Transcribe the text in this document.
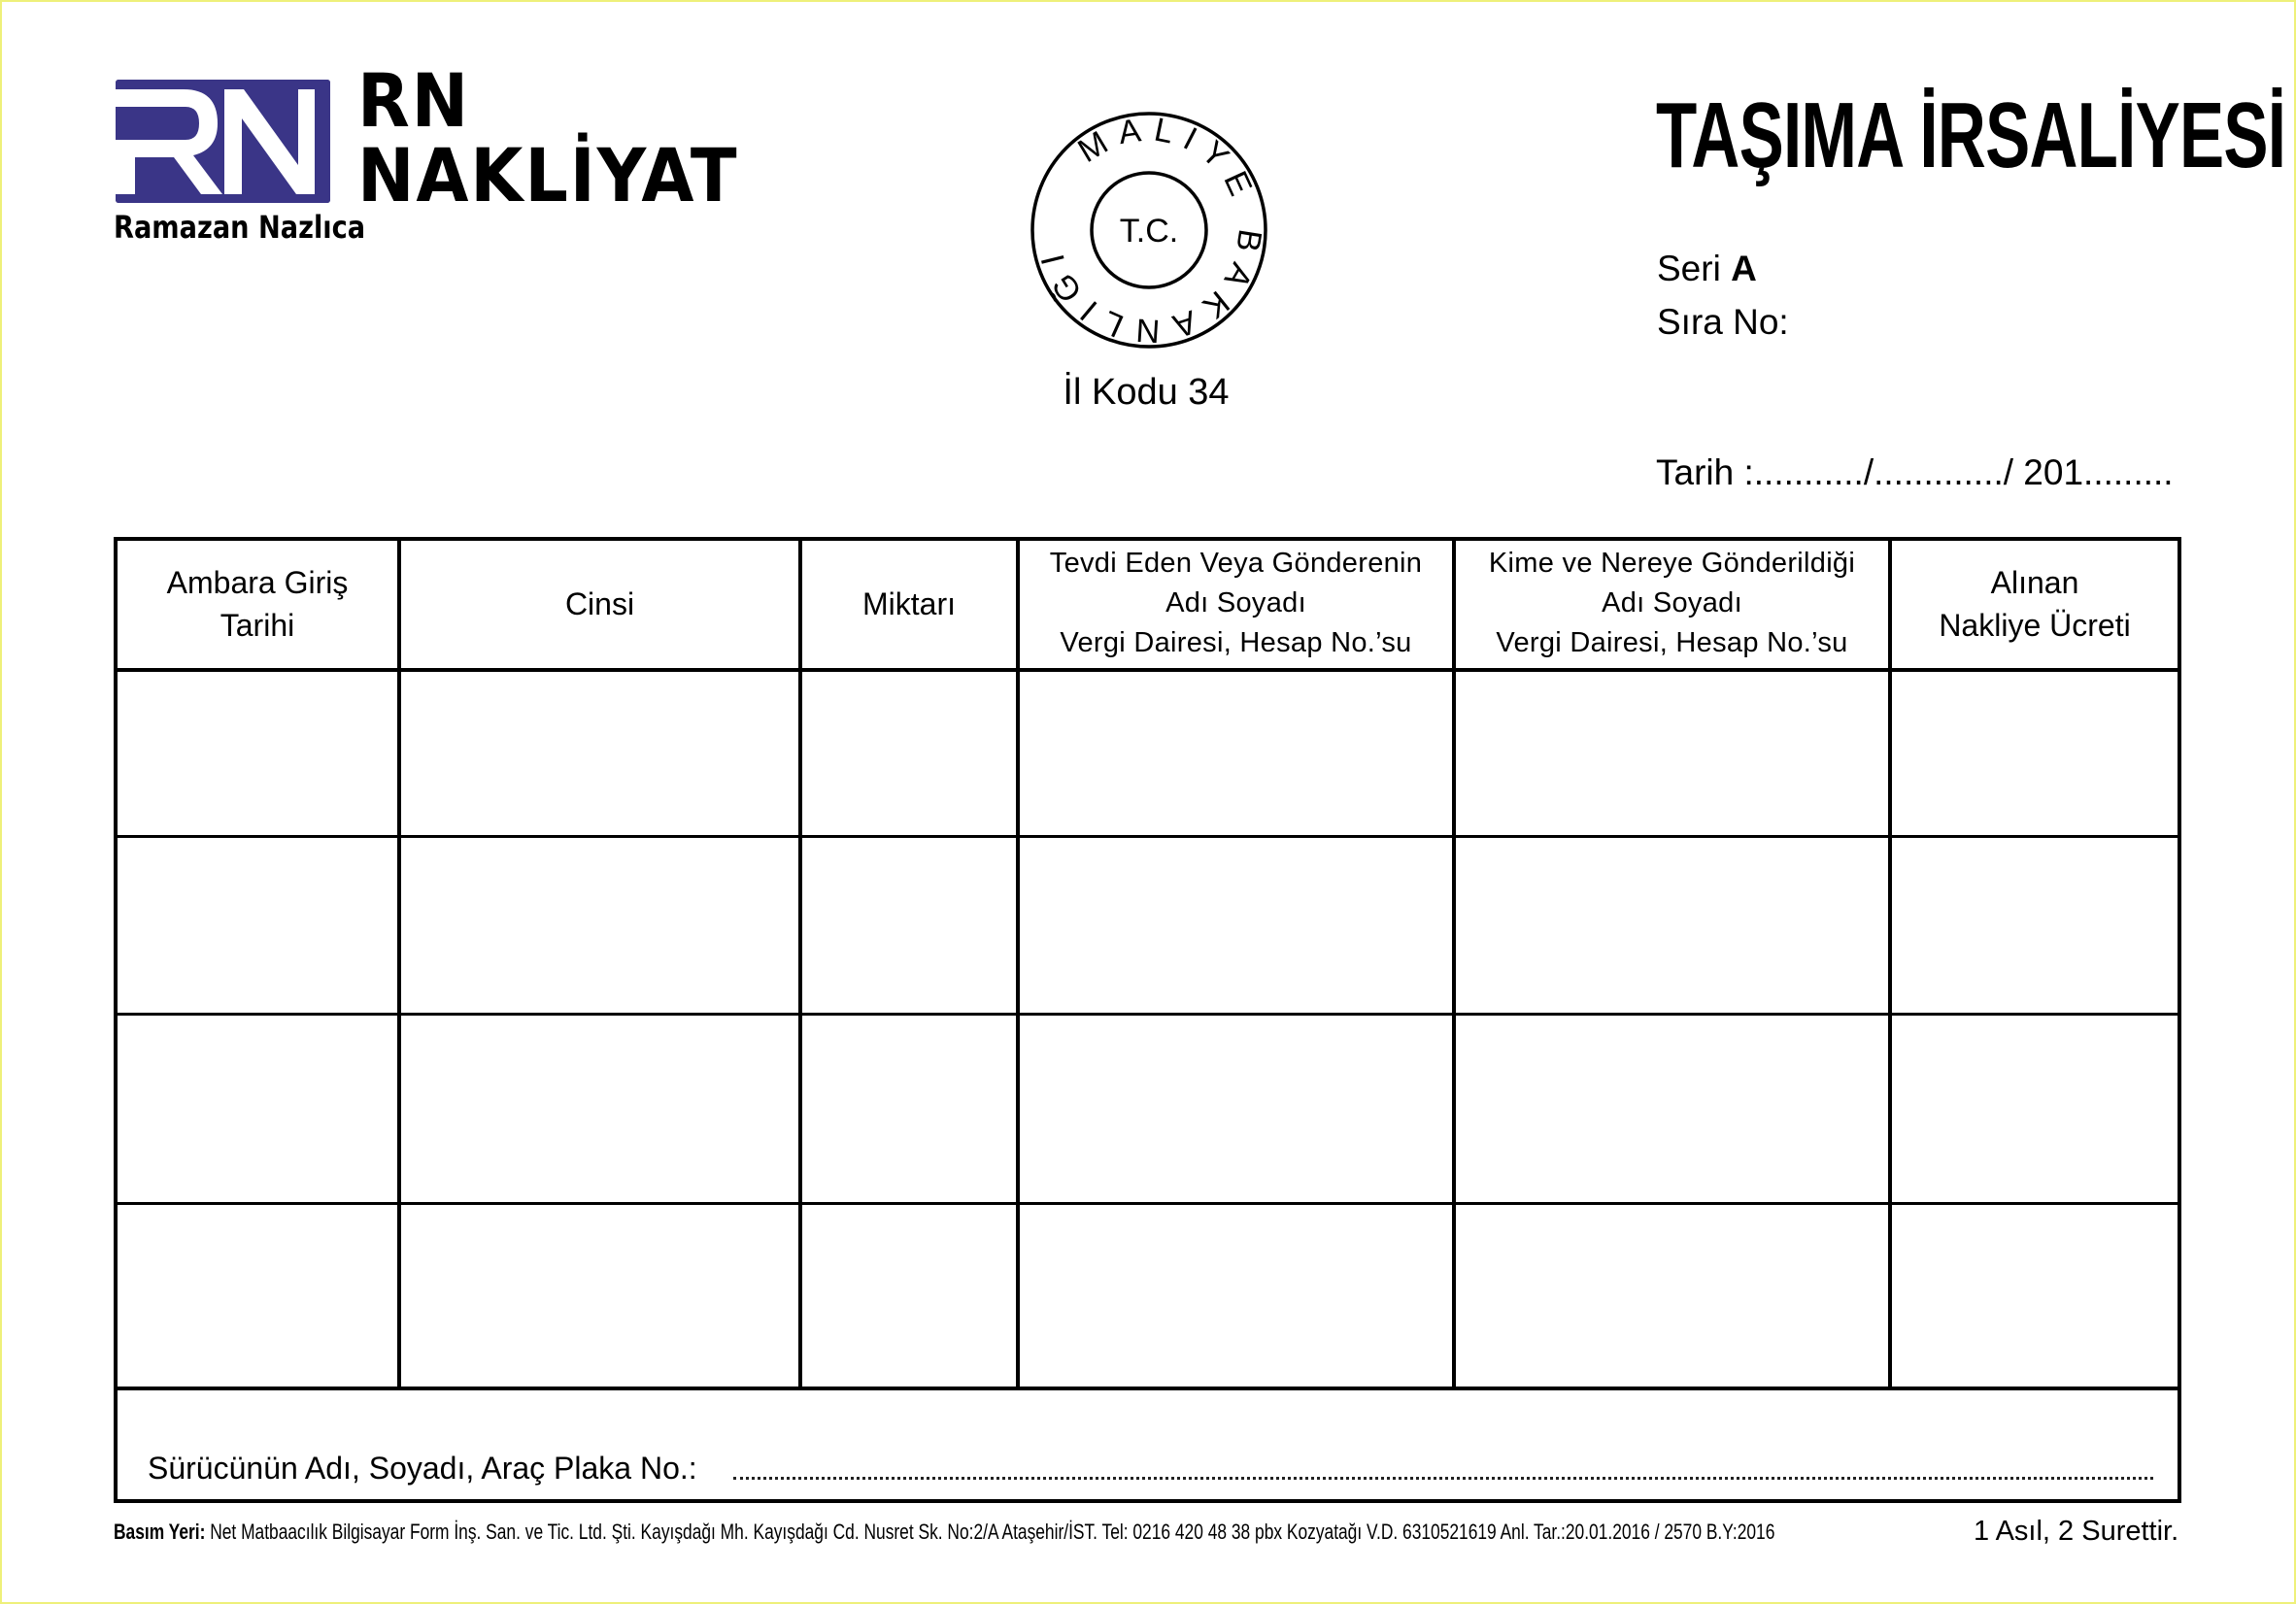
RN
NAKLİYAT
Ramazan Nazlıca
MALİYE BAKANLIĞI
T.C.
İl Kodu 34
TAŞIMA İRSALİYESİ
Seri A
Sıra No:
Tarih :.........../............./ 201.........
Ambara Giriş
Tarihi
Cinsi	Miktarı
Tevdi Eden Veya Gönderenin
Adı Soyadı
Vergi Dairesi, Hesap No.’su
Kime ve Nereye Gönderildiği
Adı Soyadı
Vergi Dairesi, Hesap No.’su
Alınan
Nakliye Ücreti
Sürücünün Adı, Soyadı, Araç Plaka No.:
Basım Yeri: Net Matbaacılık Bilgisayar Form İnş. San. ve Tic. Ltd. Şti. Kayışdağı Mh. Kayışdağı Cd. Nusret Sk. No:2/A Ataşehir/İST. Tel: 0216 420 48 38 pbx Kozyatağı V.D. 6310521619 Anl. Tar.:20.01.2016 / 2570 B.Y:2016	1 Asıl, 2 Surettir.
